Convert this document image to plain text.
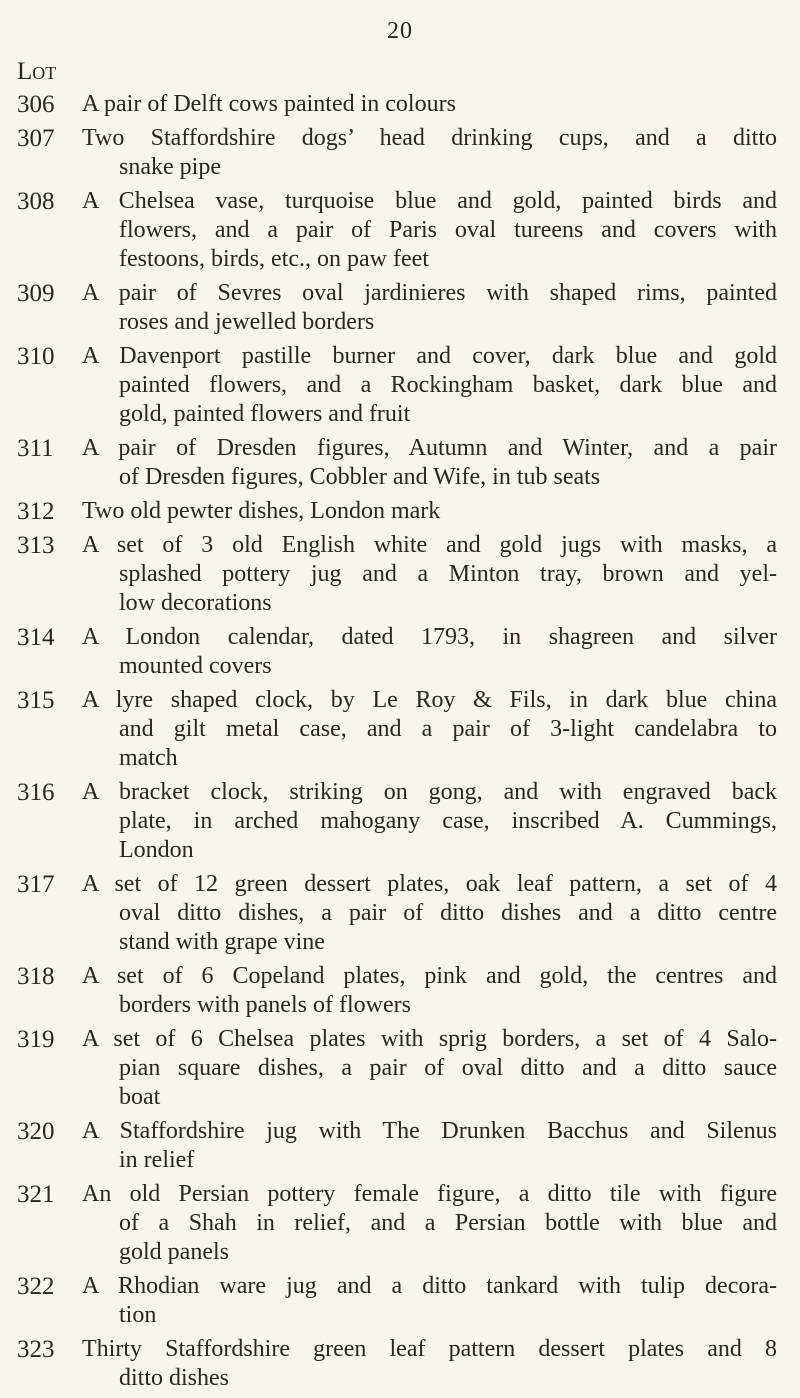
20
Lot
306	A pair of Delft cows painted in colours
307	Two Staffordshire dogs’ head drinking cups, and a ditto
snake pipe
308	A Chelsea vase, turquoise blue and gold, painted birds and
flowers, and a pair of Paris oval tureens and covers with
festoons, birds, etc., on paw feet
309	A pair of Sevres oval jardinieres with shaped rims, painted
roses and jewelled borders
310	A Davenport pastille burner and cover, dark blue and gold
painted flowers, and a Rockingham basket, dark blue and
gold, painted flowers and fruit
311	A pair of Dresden figures, Autumn and Winter, and a pair
of Dresden figures, Cobbler and Wife, in tub seats
312	Two old pewter dishes, London mark
313	A set of 3 old English white and gold jugs with masks, a
splashed pottery jug and a Minton tray, brown and yel-
low decorations
314	A London calendar, dated 1793, in shagreen and silver
mounted covers
315	A lyre shaped clock, by Le Roy & Fils, in dark blue china
and gilt metal case, and a pair of 3-light candelabra to
match
316	A bracket clock, striking on gong, and with engraved back
plate, in arched mahogany case, inscribed A. Cummings,
London
317	A set of 12 green dessert plates, oak leaf pattern, a set of 4
oval ditto dishes, a pair of ditto dishes and a ditto centre
stand with grape vine
318	A set of 6 Copeland plates, pink and gold, the centres and
borders with panels of flowers
319	A set of 6 Chelsea plates with sprig borders, a set of 4 Salo-
pian square dishes, a pair of oval ditto and a ditto sauce
boat
320	A Staffordshire jug with The Drunken Bacchus and Silenus
in relief
321	An old Persian pottery female figure, a ditto tile with figure
of a Shah in relief, and a Persian bottle with blue and
gold panels
322	A Rhodian ware jug and a ditto tankard with tulip decora-
tion
323	Thirty Staffordshire green leaf pattern dessert plates and 8
ditto dishes
